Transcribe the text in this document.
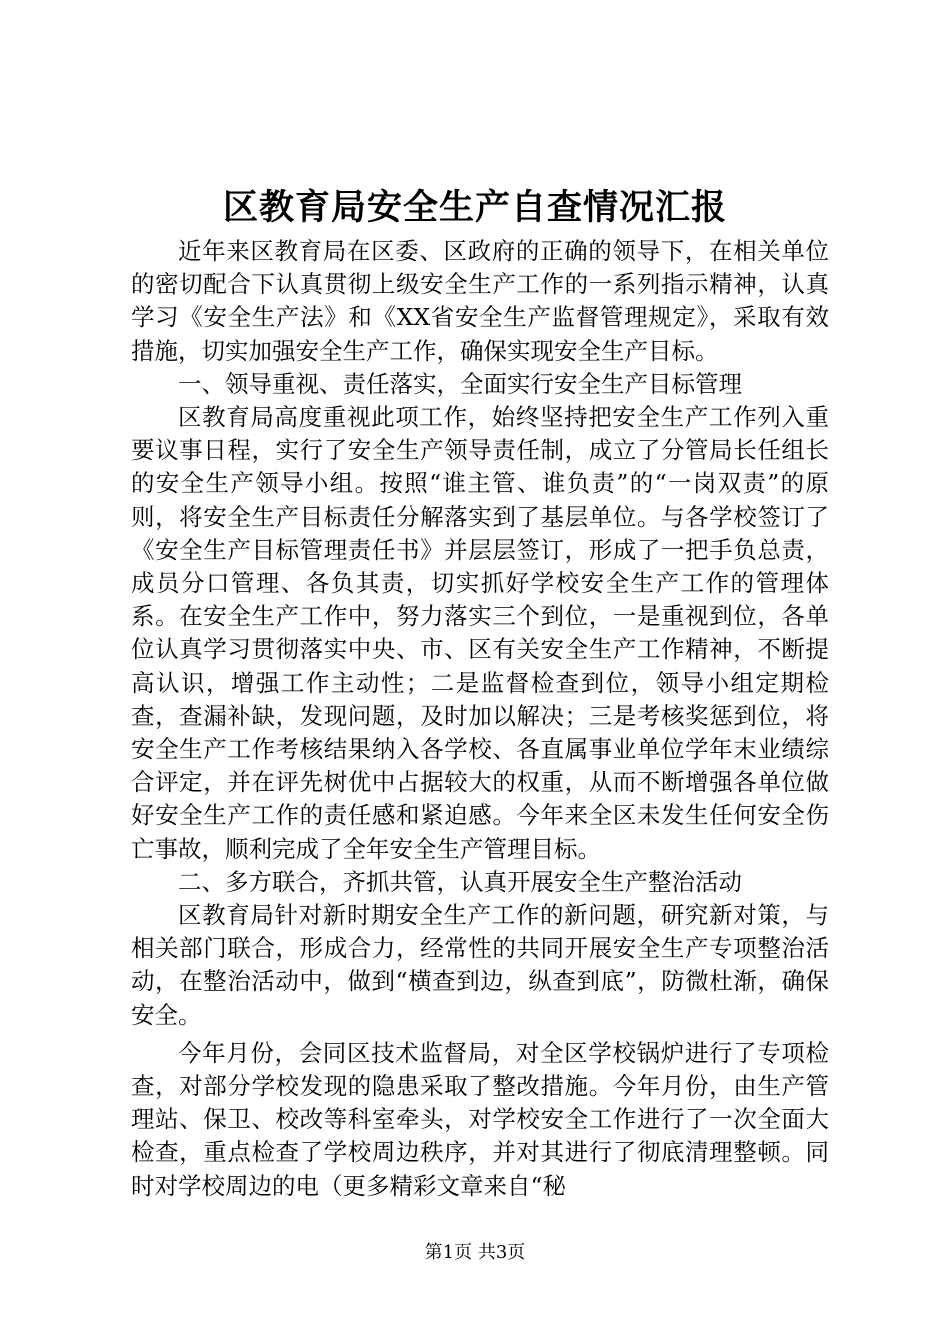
区教育局安全生产自查情况汇报

近年来区教育局在区委、区政府的正确的领导下，在相关单位的密切配合下认真贯彻上级安全生产工作的一系列指示精神，认真学习《安全生产法》和《XX省安全生产监督管理规定》，采取有效措施，切实加强安全生产工作，确保实现安全生产目标。

一、领导重视、责任落实，全面实行安全生产目标管理

区教育局高度重视此项工作，始终坚持把安全生产工作列入重要议事日程，实行了安全生产领导责任制，成立了分管局长任组长的安全生产领导小组。按照“谁主管、谁负责”的“一岗双责”的原则，将安全生产目标责任分解落实到了基层单位。与各学校签订了《安全生产目标管理责任书》并层层签订，形成了一把手负总责，成员分口管理、各负其责，切实抓好学校安全生产工作的管理体系。在安全生产工作中，努力落实三个到位，一是重视到位，各单位认真学习贯彻落实中央、市、区有关安全生产工作精神，不断提高认识，增强工作主动性；二是监督检查到位，领导小组定期检查，查漏补缺，发现问题，及时加以解决；三是考核奖惩到位，将安全生产工作考核结果纳入各学校、各直属事业单位学年末业绩综合评定，并在评先树优中占据较大的权重，从而不断增强各单位做好安全生产工作的责任感和紧迫感。今年来全区未发生任何安全伤亡事故，顺利完成了全年安全生产管理目标。

二、多方联合，齐抓共管，认真开展安全生产整治活动

区教育局针对新时期安全生产工作的新问题，研究新对策，与相关部门联合，形成合力，经常性的共同开展安全生产专项整治活动，在整治活动中，做到“横查到边，纵查到底”，防微杜渐，确保安全。

今年月份，会同区技术监督局，对全区学校锅炉进行了专项检查，对部分学校发现的隐患采取了整改措施。今年月份，由生产管理站、保卫、校改等科室牵头，对学校安全工作进行了一次全面大检查，重点检查了学校周边秩序，并对其进行了彻底清理整顿。同时对学校周边的电（更多精彩文章来自“秘

第1页 共3页
